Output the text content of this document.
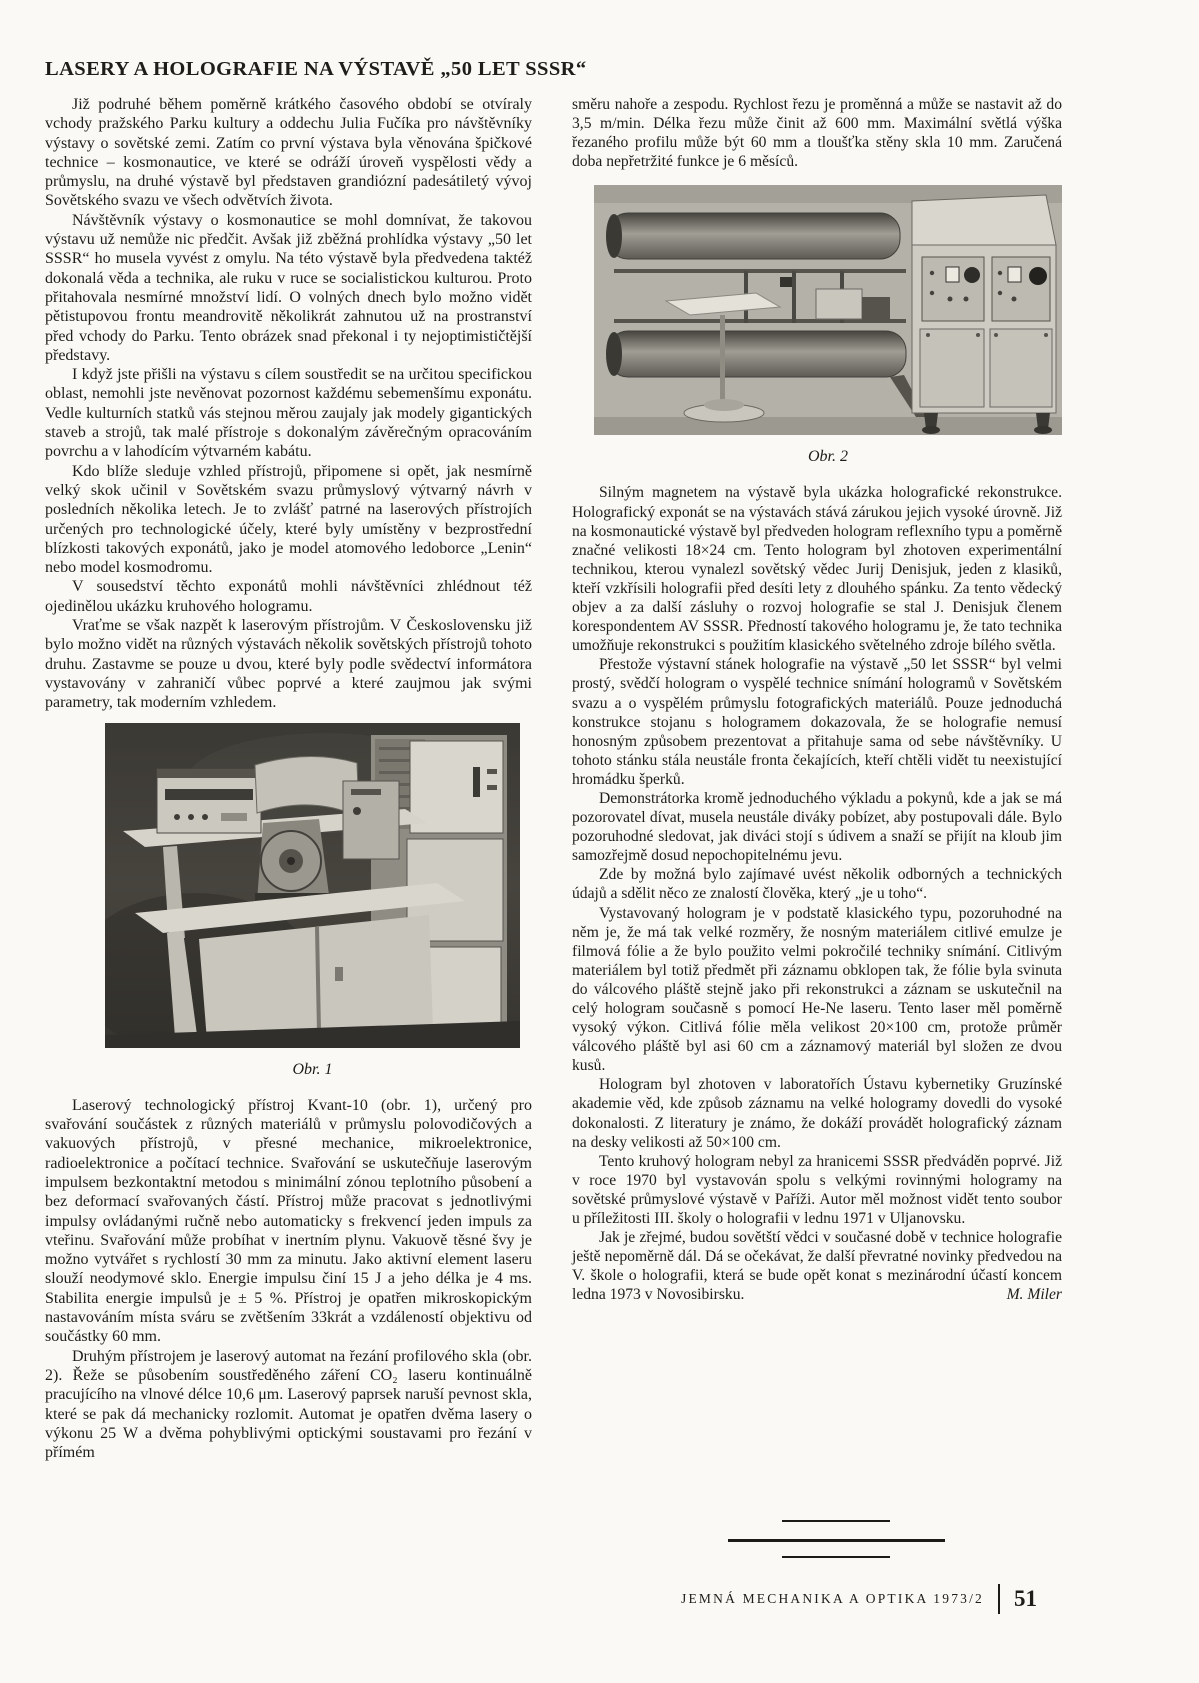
LASERY A HOLOGRAFIE NA VÝSTAVĚ „50 LET SSSR“

Již podruhé během poměrně krátkého časového období se otvíraly vchody pražského Parku kultury a oddechu Julia Fučíka pro návštěvníky výstavy o sovětské zemi. Zatím co první výstava byla věnována špičkové technice – kosmonautice, ve které se odráží úroveň vyspělosti vědy a průmyslu, na druhé výstavě byl představen grandiózní padesátiletý vývoj Sovětského svazu ve všech odvětvích života.

Návštěvník výstavy o kosmonautice se mohl domnívat, že takovou výstavu už nemůže nic předčit. Avšak již zběžná prohlídka výstavy „50 let SSSR“ ho musela vyvést z omylu. Na této výstavě byla předvedena taktéž dokonalá věda a technika, ale ruku v ruce se socialistickou kulturou. Proto přitahovala nesmírné množství lidí. O volných dnech bylo možno vidět pětistupovou frontu meandrovitě několikrát zahnutou už na prostranství před vchody do Parku. Tento obrázek snad překonal i ty nejoptimističtější představy.

I když jste přišli na výstavu s cílem soustředit se na určitou specifickou oblast, nemohli jste nevěnovat pozornost každému sebemenšímu exponátu. Vedle kulturních statků vás stejnou měrou zaujaly jak modely gigantických staveb a strojů, tak malé přístroje s dokonalým závěrečným opracováním povrchu a v lahodícím výtvarném kabátu.

Kdo blíže sleduje vzhled přístrojů, připomene si opět, jak nesmírně velký skok učinil v Sovětském svazu průmyslový výtvarný návrh v posledních několika letech. Je to zvlášť patrné na laserových přístrojích určených pro technologické účely, které byly umístěny v bezprostřední blízkosti takových exponátů, jako je model atomového ledoborce „Lenin“ nebo model kosmodromu.

V sousedství těchto exponátů mohli návštěvníci zhlédnout též ojedinělou ukázku kruhového hologramu.

Vraťme se však nazpět k laserovým přístrojům. V Československu již bylo možno vidět na různých výstavách několik sovětských přístrojů tohoto druhu. Zastavme se pouze u dvou, které byly podle svědectví informátora vystavovány v zahraničí vůbec poprvé a které zaujmou jak svými parametry, tak moderním vzhledem.

Obr. 1

Laserový technologický přístroj Kvant-10 (obr. 1), určený pro svařování součástek z různých materiálů v průmyslu polovodičových a vakuových přístrojů, v přesné mechanice, mikroelektronice, radioelektronice a počítací technice. Svařování se uskutečňuje laserovým impulsem bezkontaktní metodou s minimální zónou teplotního působení a bez deformací svařovaných částí. Přístroj může pracovat s jednotlivými impulsy ovládanými ručně nebo automaticky s frekvencí jeden impuls za vteřinu. Svařování může probíhat v inertním plynu. Vakuově těsné švy je možno vytvářet s rychlostí 30 mm za minutu. Jako aktivní element laseru slouží neodymové sklo. Energie impulsu činí 15 J a jeho délka je 4 ms. Stabilita energie impulsů je ± 5 %. Přístroj je opatřen mikroskopickým nastavováním místa sváru se zvětšením 33krát a vzdáleností objektivu od součástky 60 mm.

Druhým přístrojem je laserový automat na řezání profilového skla (obr. 2). Řeže se působením soustředěného záření CO₂ laseru kontinuálně pracujícího na vlnové délce 10,6 μm. Laserový paprsek naruší pevnost skla, které se pak dá mechanicky rozlomit. Automat je opatřen dvěma lasery o výkonu 25 W a dvěma pohyblivými optickými soustavami pro řezání v přímém

směru nahoře a zespodu. Rychlost řezu je proměnná a může se nastavit až do 3,5 m/min. Délka řezu může činit až 600 mm. Maximální světlá výška řezaného profilu může být 60 mm a tloušťka stěny skla 10 mm. Zaručená doba nepřetržité funkce je 6 měsíců.

Obr. 2

Silným magnetem na výstavě byla ukázka holografické rekonstrukce. Holografický exponát se na výstavách stává zárukou jejich vysoké úrovně. Již na kosmonautické výstavě byl předveden hologram reflexního typu a poměrně značné velikosti 18×24 cm. Tento hologram byl zhotoven experimentální technikou, kterou vynalezl sovětský vědec Jurij Denisjuk, jeden z klasiků, kteří vzkřísili holografii před desíti lety z dlouhého spánku. Za tento vědecký objev a za další zásluhy o rozvoj holografie se stal J. Denisjuk členem korespondentem AV SSSR. Předností takového hologramu je, že tato technika umožňuje rekonstrukci s použitím klasického světelného zdroje bílého světla.

Přestože výstavní stánek holografie na výstavě „50 let SSSR“ byl velmi prostý, svědčí hologram o vyspělé technice snímání hologramů v Sovětském svazu a o vyspělém průmyslu fotografických materiálů. Pouze jednoduchá konstrukce stojanu s hologramem dokazovala, že se holografie nemusí honosným způsobem prezentovat a přitahuje sama od sebe návštěvníky. U tohoto stánku stála neustále fronta čekajících, kteří chtěli vidět tu neexistující hromádku šperků.

Demonstrátorka kromě jednoduchého výkladu a pokynů, kde a jak se má pozorovatel dívat, musela neustále diváky pobízet, aby postupovali dále. Bylo pozoruhodné sledovat, jak diváci stojí s údivem a snaží se přijít na kloub jim samozřejmě dosud nepochopitelnému jevu.

Zde by možná bylo zajímavé uvést několik odborných a technických údajů a sdělit něco ze znalostí člověka, který „je u toho“.

Vystavovaný hologram je v podstatě klasického typu, pozoruhodné na něm je, že má tak velké rozměry, že nosným materiálem citlivé emulze je filmová fólie a že bylo použito velmi pokročilé techniky snímání. Citlivým materiálem byl totiž předmět při záznamu obklopen tak, že fólie byla svinuta do válcového pláště stejně jako při rekonstrukci a záznam se uskutečnil na celý hologram současně s pomocí He-Ne laseru. Tento laser měl poměrně vysoký výkon. Citlivá fólie měla velikost 20×100 cm, protože průměr válcového pláště byl asi 60 cm a záznamový materiál byl složen ze dvou kusů.

Hologram byl zhotoven v laboratořích Ústavu kybernetiky Gruzínské akademie věd, kde způsob záznamu na velké hologramy dovedli do vysoké dokonalosti. Z literatury je známo, že dokáží provádět holografický záznam na desky velikosti až 50×100 cm.

Tento kruhový hologram nebyl za hranicemi SSSR předváděn poprvé. Již v roce 1970 byl vystavován spolu s velkými rovinnými hologramy na sovětské průmyslové výstavě v Paříži. Autor měl možnost vidět tento soubor u příležitosti III. školy o holografii v lednu 1971 v Uljanovsku.

Jak je zřejmé, budou sovětští vědci v současné době v technice holografie ještě nepoměrně dál. Dá se očekávat, že další převratné novinky předvedou na V. škole o holografii, která se bude opět konat s mezinárodní účastí koncem ledna 1973 v Novosibirsku.	M. Miler

JEMNÁ MECHANIKA A OPTIKA 1973/2 51
